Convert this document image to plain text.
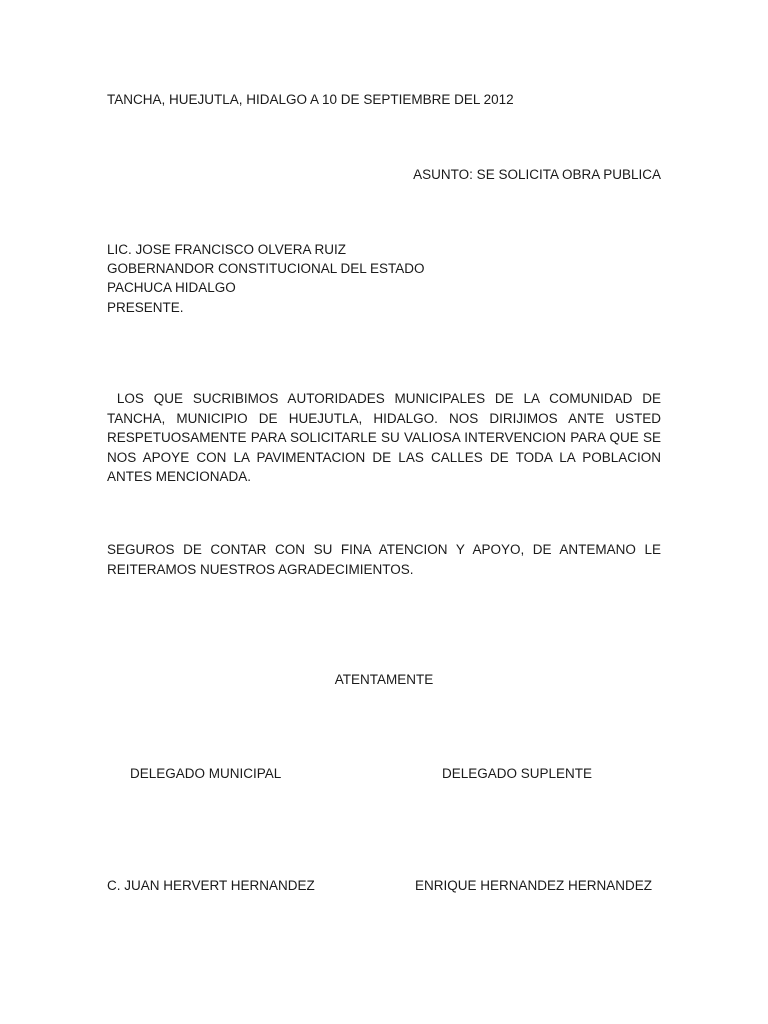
TANCHA, HUEJUTLA, HIDALGO A 10 DE SEPTIEMBRE DEL 2012
ASUNTO: SE SOLICITA OBRA PUBLICA
LIC. JOSE FRANCISCO OLVERA RUIZ
GOBERNANDOR CONSTITUCIONAL DEL ESTADO
PACHUCA HIDALGO
PRESENTE.
LOS QUE SUCRIBIMOS AUTORIDADES MUNICIPALES DE LA COMUNIDAD DE TANCHA, MUNICIPIO DE HUEJUTLA, HIDALGO. NOS DIRIJIMOS ANTE USTED RESPETUOSAMENTE PARA SOLICITARLE SU VALIOSA INTERVENCION PARA QUE SE NOS APOYE CON LA PAVIMENTACION DE LAS CALLES DE TODA LA POBLACION ANTES MENCIONADA.
SEGUROS DE CONTAR CON SU FINA ATENCION Y APOYO, DE ANTEMANO LE REITERAMOS NUESTROS AGRADECIMIENTOS.
ATENTAMENTE
DELEGADO MUNICIPAL	DELEGADO SUPLENTE
C. JUAN HERVERT HERNANDEZ	ENRIQUE HERNANDEZ HERNANDEZ
